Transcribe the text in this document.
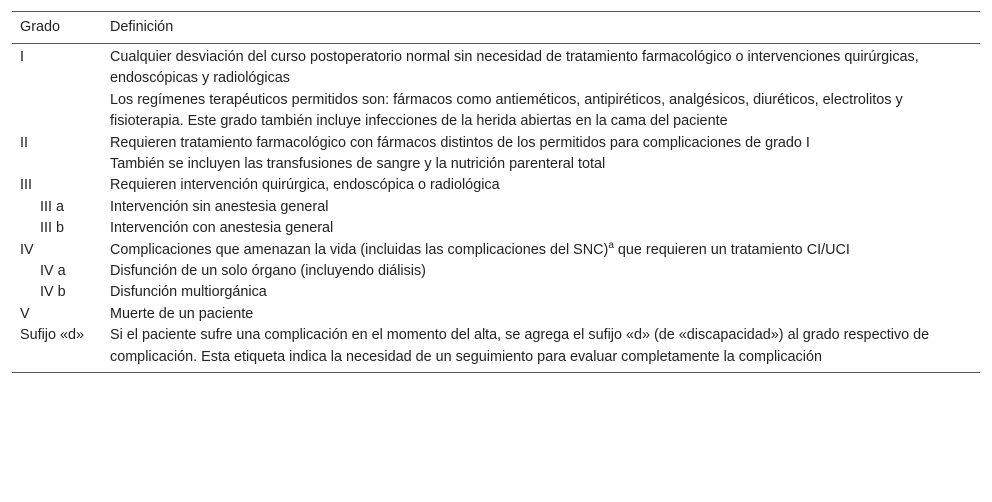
Grado	Definición
I	Cualquier desviación del curso postoperatorio normal sin necesidad de tratamiento farmacológico o intervenciones quirúrgicas, endoscópicas y radiológicas
Los regímenes terapéuticos permitidos son: fármacos como antieméticos, antipiréticos, analgésicos, diuréticos, electrolitos y fisioterapia. Este grado también incluye infecciones de la herida abiertas en la cama del paciente

II	Requieren tratamiento farmacológico con fármacos distintos de los permitidos para complicaciones de grado I
También se incluyen las transfusiones de sangre y la nutrición parenteral total

III	Requieren intervención quirúrgica, endoscópica o radiológica

III a	Intervención sin anestesia general

III b	Intervención con anestesia general

IV	Complicaciones que amenazan la vida (incluidas las complicaciones del SNC)$^a$ que requieren un tratamiento CI/UCI
IV a	Disfunción de un solo órgano (incluyendo diálisis)

IV b	Disfunción multiorgánica

V	Muerte de un paciente

Sufijo «d»	Si el paciente sufre una complicación en el momento del alta, se agrega el sufijo «d» (de «discapacidad») al grado respectivo de complicación. Esta etiqueta indica la necesidad de un seguimiento para evaluar completamente la complicación
